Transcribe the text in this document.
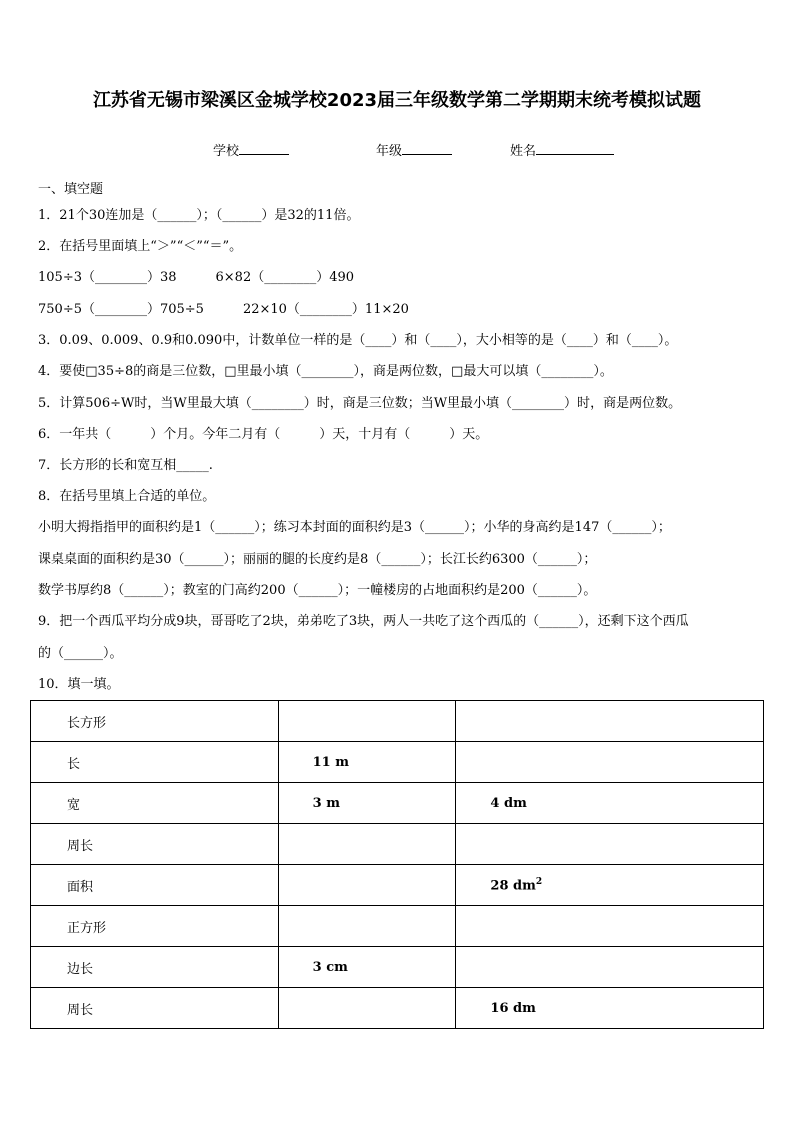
江苏省无锡市梁溪区金城学校2023届三年级数学第二学期期末统考模拟试题
学校	年级	姓名
一、填空题
1．21个30连加是（______）；（______）是32的11倍。
2．在括号里面填上“＞”“＜”“＝”。
105÷3（________）38　　　6×82（________）490
750÷5（________）705÷5　　　22×10（________）11×20
3．0.09、0.009、0.9和0.090中，计数单位一样的是（____）和（____），大小相等的是（____）和（____）。
4．要使□35÷8的商是三位数，□里最小填（________），商是两位数，□最大可以填（________）。
5．计算506÷W时，当W里最大填（________）时，商是三位数；当W里最小填（________）时，商是两位数。
6．一年共（　　　）个月。今年二月有（　　　）天，十月有（　　　）天。
7．长方形的长和宽互相_____.
8．在括号里填上合适的单位。
小明大拇指指甲的面积约是1（______）；练习本封面的面积约是3（______）；小华的身高约是147（______）；
课桌桌面的面积约是30（______）；丽丽的腿的长度约是8（______）；长江长约6300（______）；
数学书厚约8（______）；教室的门高约200（______）；一幢楼房的占地面积约是200（______）。
9．把一个西瓜平均分成9块，哥哥吃了2块，弟弟吃了3块，两人一共吃了这个西瓜的（______），还剩下这个西瓜
的（______）。
10．填一填。
长方形		
长	11 m	
宽	3 m	4 dm
周长		
面积		28 $dm^2$
正方形		
边长	3 cm	
周长		16 dm
